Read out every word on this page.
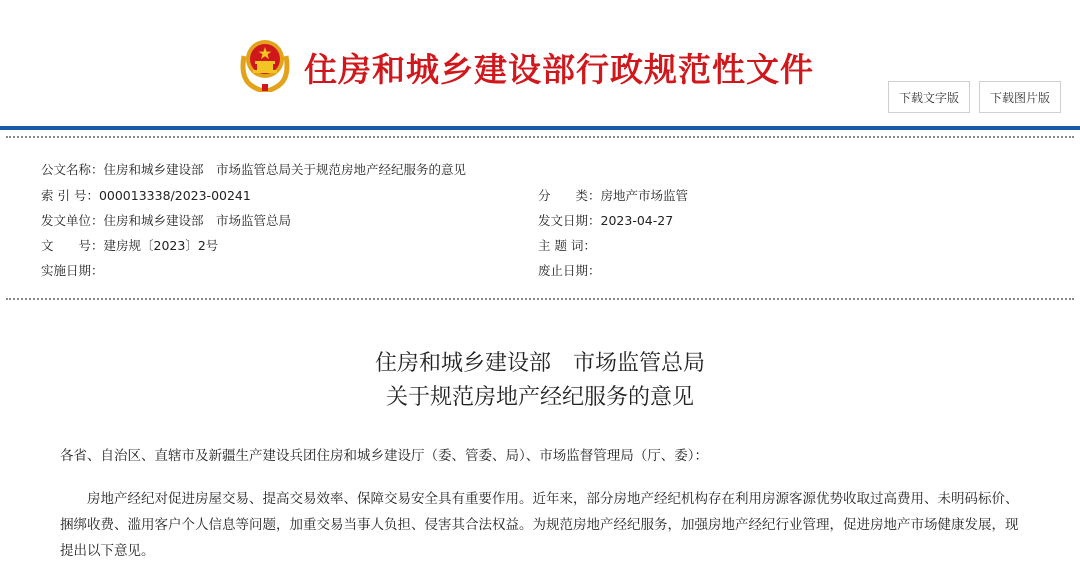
住房和城乡建设部行政规范性文件
下载文字版	下载图片版
公文名称：住房和城乡建设部　市场监管总局关于规范房地产经纪服务的意见
索 引 号：000013338/2023-00241	分　　类：房地产市场监管
发文单位：住房和城乡建设部　市场监管总局	发文日期：2023-04-27
文　　号：建房规〔2023〕2号	主 题 词：
实施日期：	废止日期：
住房和城乡建设部　市场监管总局
关于规范房地产经纪服务的意见
各省、自治区、直辖市及新疆生产建设兵团住房和城乡建设厅（委、管委、局）、市场监督管理局（厅、委）：
房地产经纪对促进房屋交易、提高交易效率、保障交易安全具有重要作用。近年来，部分房地产经纪机构存在利用房源客源优势收取过高费用、未明码标价、捆绑收费、滥用客户个人信息等问题，加重交易当事人负担、侵害其合法权益。为规范房地产经纪服务，加强房地产经纪行业管理，促进房地产市场健康发展，现提出以下意见。
